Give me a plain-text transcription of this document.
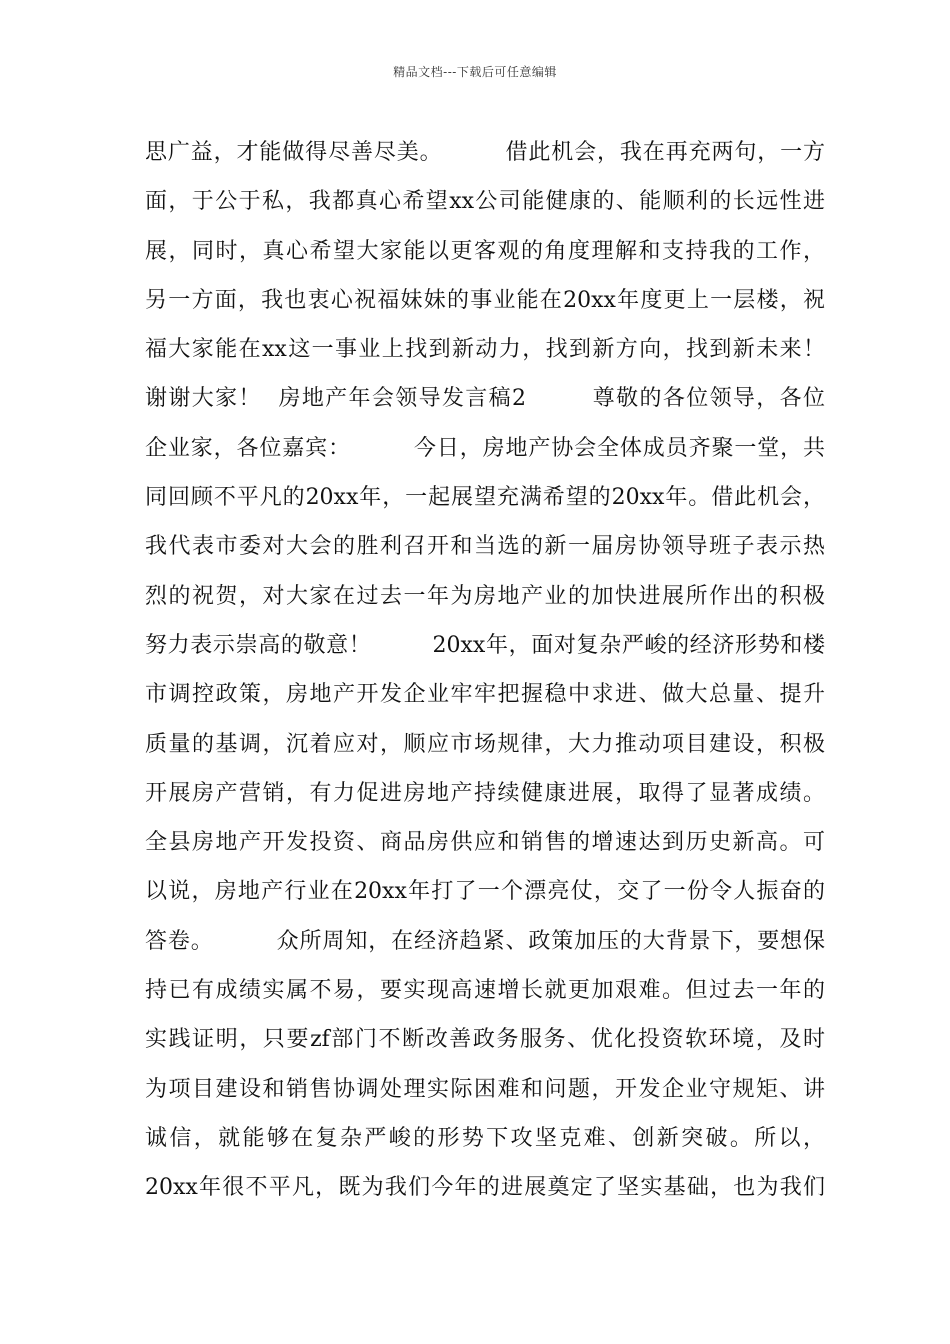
精品文档---下载后可任意编辑
思广益，才能做得尽善尽美。        借此机会，我在再充两句，一方
面，于公于私，我都真心希望xx公司能健康的、能顺利的长远性进
展，同时，真心希望大家能以更客观的角度理解和支持我的工作，
另一方面，我也衷心祝福妹妹的事业能在20xx年度更上一层楼，祝
福大家能在xx这一事业上找到新动力，找到新方向，找到新未来！
谢谢大家！  房地产年会领导发言稿2        尊敬的各位领导，各位
企业家，各位嘉宾：        今日，房地产协会全体成员齐聚一堂，共
同回顾不平凡的20xx年，一起展望充满希望的20xx年。借此机会，
我代表市委对大会的胜利召开和当选的新一届房协领导班子表示热
烈的祝贺，对大家在过去一年为房地产业的加快进展所作出的积极
努力表示崇高的敬意！        20xx年，面对复杂严峻的经济形势和楼
市调控政策，房地产开发企业牢牢把握稳中求进、做大总量、提升
质量的基调，沉着应对，顺应市场规律，大力推动项目建设，积极
开展房产营销，有力促进房地产持续健康进展，取得了显著成绩。
全县房地产开发投资、商品房供应和销售的增速达到历史新高。可
以说，房地产行业在20xx年打了一个漂亮仗，交了一份令人振奋的
答卷。        众所周知，在经济趋紧、政策加压的大背景下，要想保
持已有成绩实属不易，要实现高速增长就更加艰难。但过去一年的
实践证明，只要zf部门不断改善政务服务、优化投资软环境，及时
为项目建设和销售协调处理实际困难和问题，开发企业守规矩、讲
诚信，就能够在复杂严峻的形势下攻坚克难、创新突破。所以，
20xx年很不平凡，既为我们今年的进展奠定了坚实基础，也为我们
